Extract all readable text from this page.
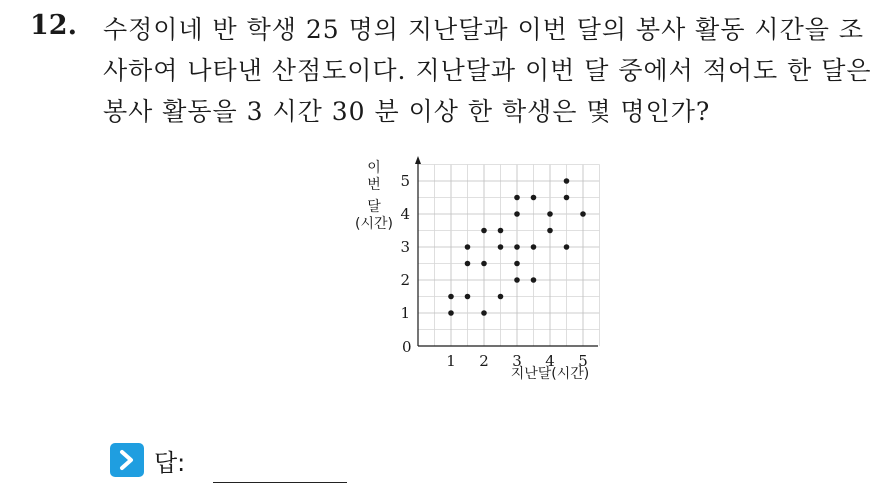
12. 수정이네 반 학생 25 명의 지난달과 이번 달의 봉사 활동 시간을 조
사하여 나타낸 산점도이다. 지난달과 이번 달 중에서 적어도 한 달은
봉사 활동을 3 시간 30 분 이상 한 학생은 몇 명인가?
1 2 3 4 5
1
2
3
4
5
0
이
번
달
(시간)
지난달(시간)
답:
